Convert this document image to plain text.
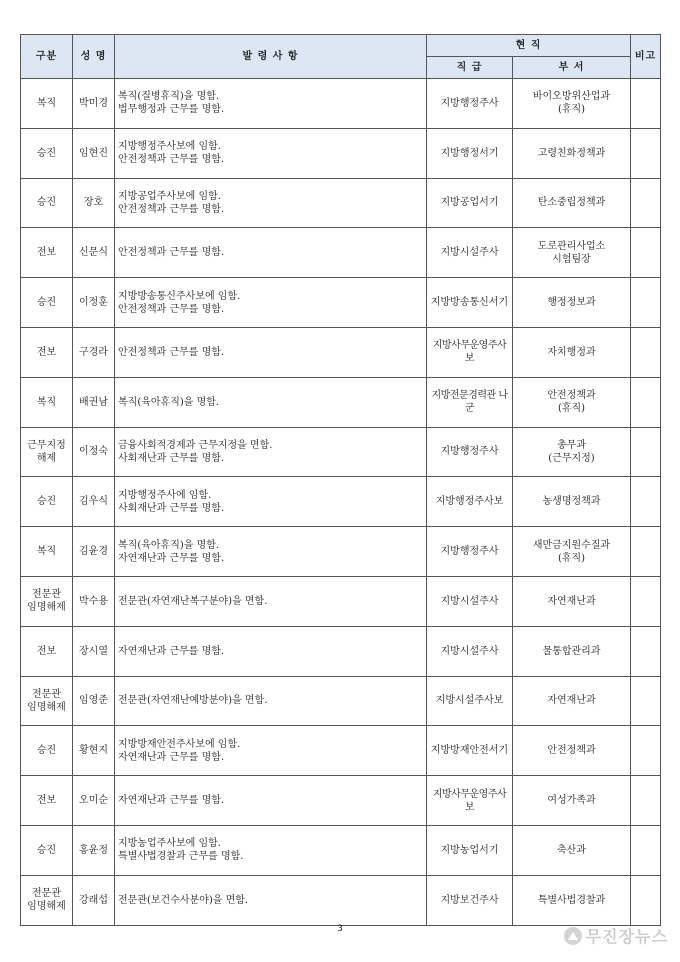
구분	성 명	발 령 사 항	현 직		비고
			직 급	부 서	

복직	박미경	복직(질병휴직)을 명함.
법무행정과 근무를 명함.	지방행정주사	바이오방위산업과
(휴직)	

승진	임현진	지방행정주사보에 임함.
안전정책과 근무를 명함.	지방행정서기	고령친화정책과	

승진	장호	지방공업주사보에 임함.
안전정책과 근무를 명함.	지방공업서기	탄소중립정책과	

전보	신문식	안전정책과 근무를 명함.	지방시설주사	도로관리사업소
시험팀장	

승진	이정훈	지방방송통신주사보에 임함.
안전정책과 근무를 명함.	지방방송통신서기	행정정보과	

전보	구경라	안전정책과 근무를 명함.	지방사무운영주사보	자치행정과	

복직	배권남	복직(육아휴직)을 명함.	지방전문경력관 나군	안전정책과
(휴직)	

근무지정
해제	이정숙	금융사회적경제과 근무지정을 면함.
사회재난과 근무를 명함.	지방행정주사	총무과
(근무지정)	

승진	김우식	지방행정주사에 임함.
사회재난과 근무를 명함.	지방행정주사보	농생명정책과	

복직	김윤경	복직(육아휴직)을 명함.
자연재난과 근무를 명함.	지방행정주사	새만금지원수질과
(휴직)	

전문관
임명해제	박수용	전문관(자연재난복구분야)을 면함.	지방시설주사	자연재난과	

전보	장시열	자연재난과 근무를 명함.	지방시설주사	물통합관리과	

전문관
임명해제	임영준	전문관(자연재난예방분야)을 면함.	지방시설주사보	자연재난과	

승진	황현지	지방방재안전주사보에 임함.
자연재난과 근무를 명함.	지방방재안전서기	안전정책과	

전보	오미순	자연재난과 근무를 명함.	지방사무운영주사보	여성가족과	

승진	홍윤정	지방농업주사보에 임함.
특별사법경찰과 근무를 명함.	지방농업서기	축산과	

전문관
임명해제	강래섭	전문관(보건수사분야)을 면함.	지방보건주사	특별사법경찰과	

3	무진장뉴스
